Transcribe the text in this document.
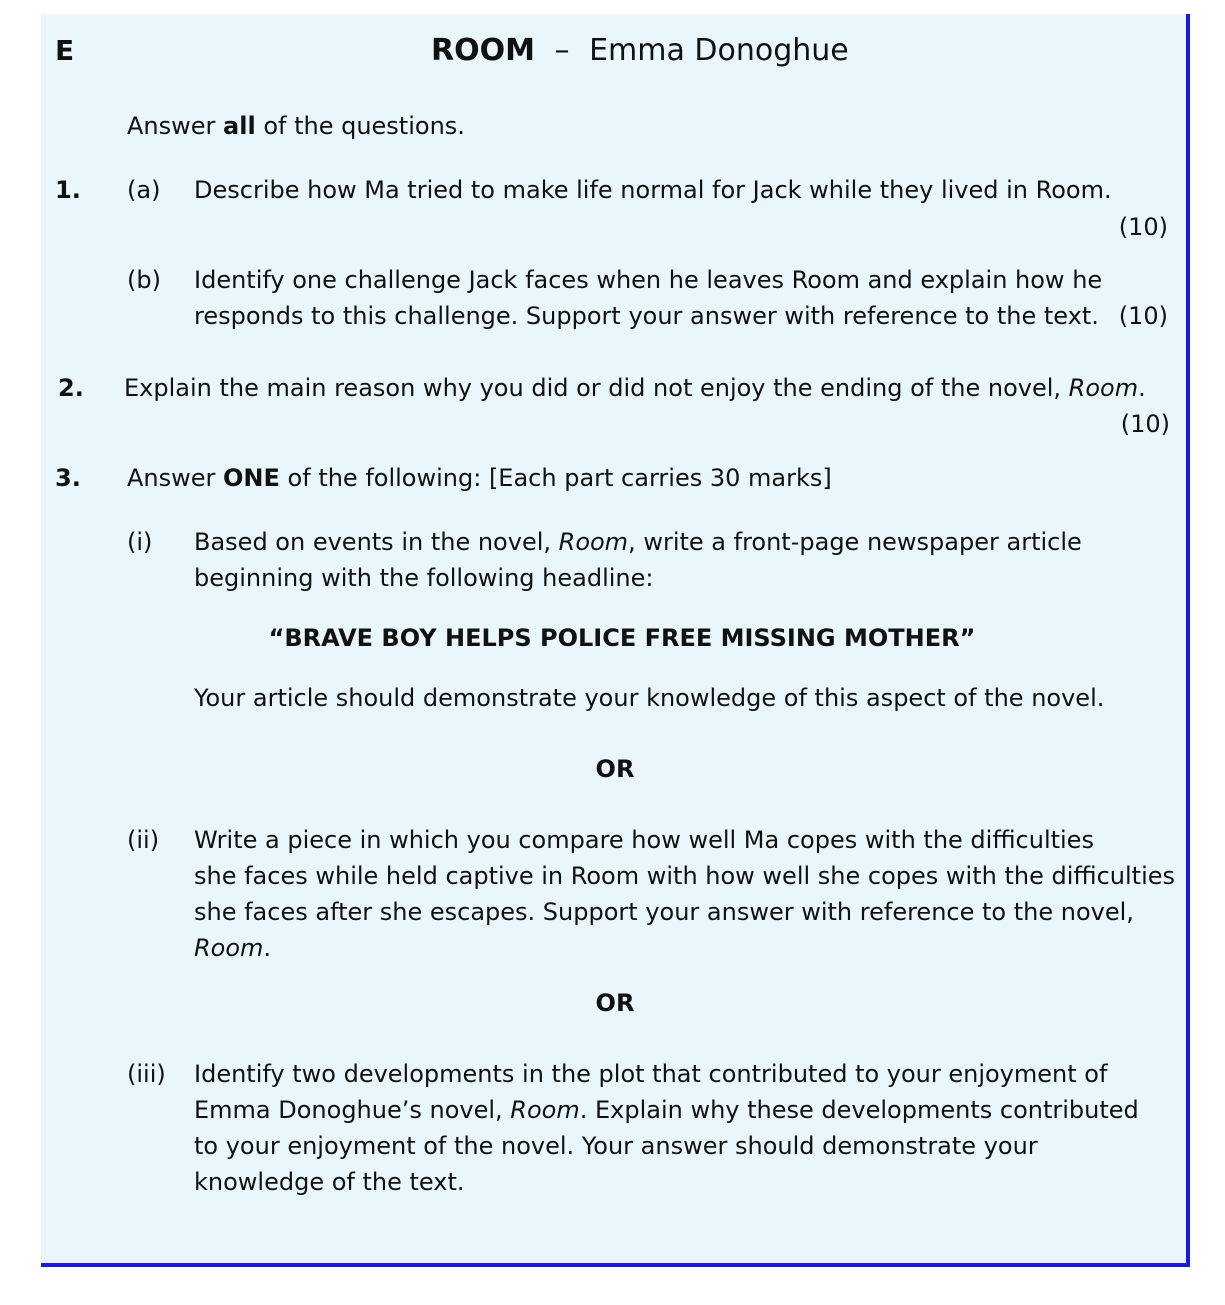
E	ROOM – Emma Donoghue
Answer all of the questions.
1. (a) Describe how Ma tried to make life normal for Jack while they lived in Room.
(10)
(b) Identify one challenge Jack faces when he leaves Room and explain how he
responds to this challenge. Support your answer with reference to the text. (10)
2. Explain the main reason why you did or did not enjoy the ending of the novel, Room.
(10)
3. Answer ONE of the following: [Each part carries 30 marks]
(i) Based on events in the novel, Room, write a front-page newspaper article
beginning with the following headline:
“BRAVE BOY HELPS POLICE FREE MISSING MOTHER”
Your article should demonstrate your knowledge of this aspect of the novel.
OR
(ii) Write a piece in which you compare how well Ma copes with the difficulties
she faces while held captive in Room with how well she copes with the difficulties
she faces after she escapes. Support your answer with reference to the novel,
Room.
OR
(iii) Identify two developments in the plot that contributed to your enjoyment of
Emma Donoghue’s novel, Room. Explain why these developments contributed
to your enjoyment of the novel. Your answer should demonstrate your
knowledge of the text.
